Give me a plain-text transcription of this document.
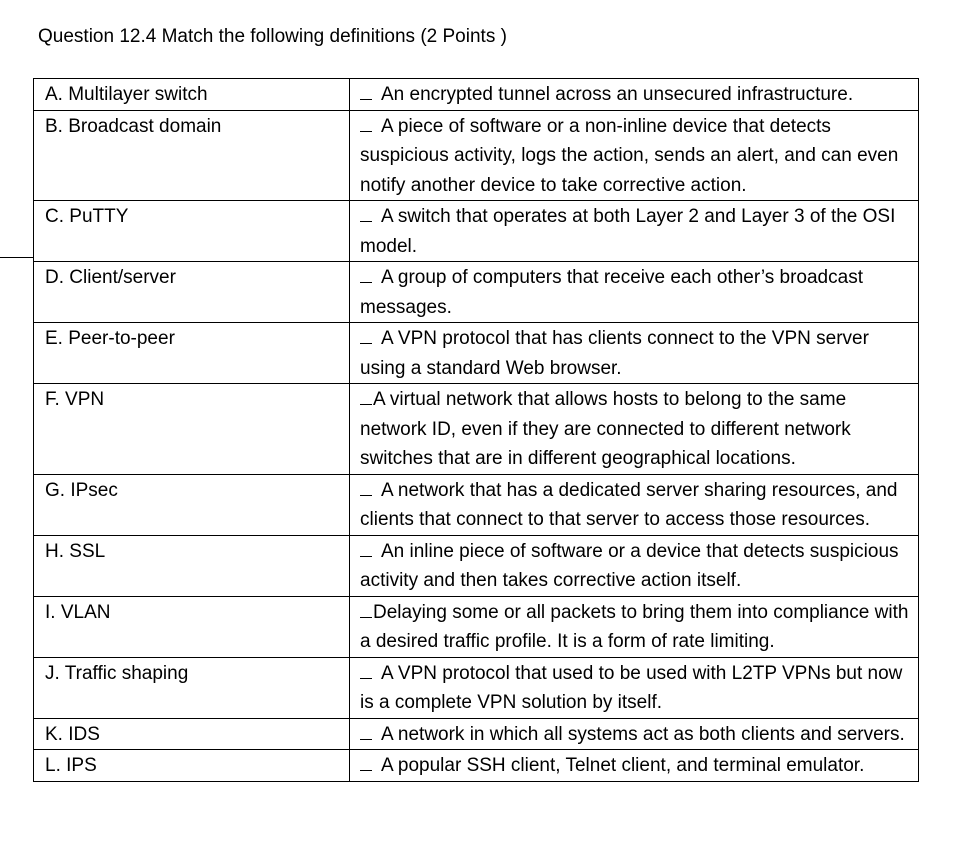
Question 12.4 Match the following definitions (2 Points )
A. Multilayer switch	An encrypted tunnel across an unsecured infrastructure.
B. Broadcast domain	A piece of software or a non-inline device that detects suspicious activity, logs the action, sends an alert, and can even notify another device to take corrective action.
C. PuTTY	A switch that operates at both Layer 2 and Layer 3 of the OSI model.
D. Client/server	A group of computers that receive each other’s broadcast messages.
E. Peer-to-peer	A VPN protocol that has clients connect to the VPN server using a standard Web browser.
F. VPN	A virtual network that allows hosts to belong to the same network ID, even if they are connected to different network switches that are in different geographical locations.
G. IPsec	A network that has a dedicated server sharing resources, and clients that connect to that server to access those resources.
H. SSL	An inline piece of software or a device that detects suspicious activity and then takes corrective action itself.
I. VLAN	Delaying some or all packets to bring them into compliance with a desired traffic profile. It is a form of rate limiting.
J. Traffic shaping	A VPN protocol that used to be used with L2TP VPNs but now is a complete VPN solution by itself.
K. IDS	A network in which all systems act as both clients and servers.
L. IPS	A popular SSH client, Telnet client, and terminal emulator.
